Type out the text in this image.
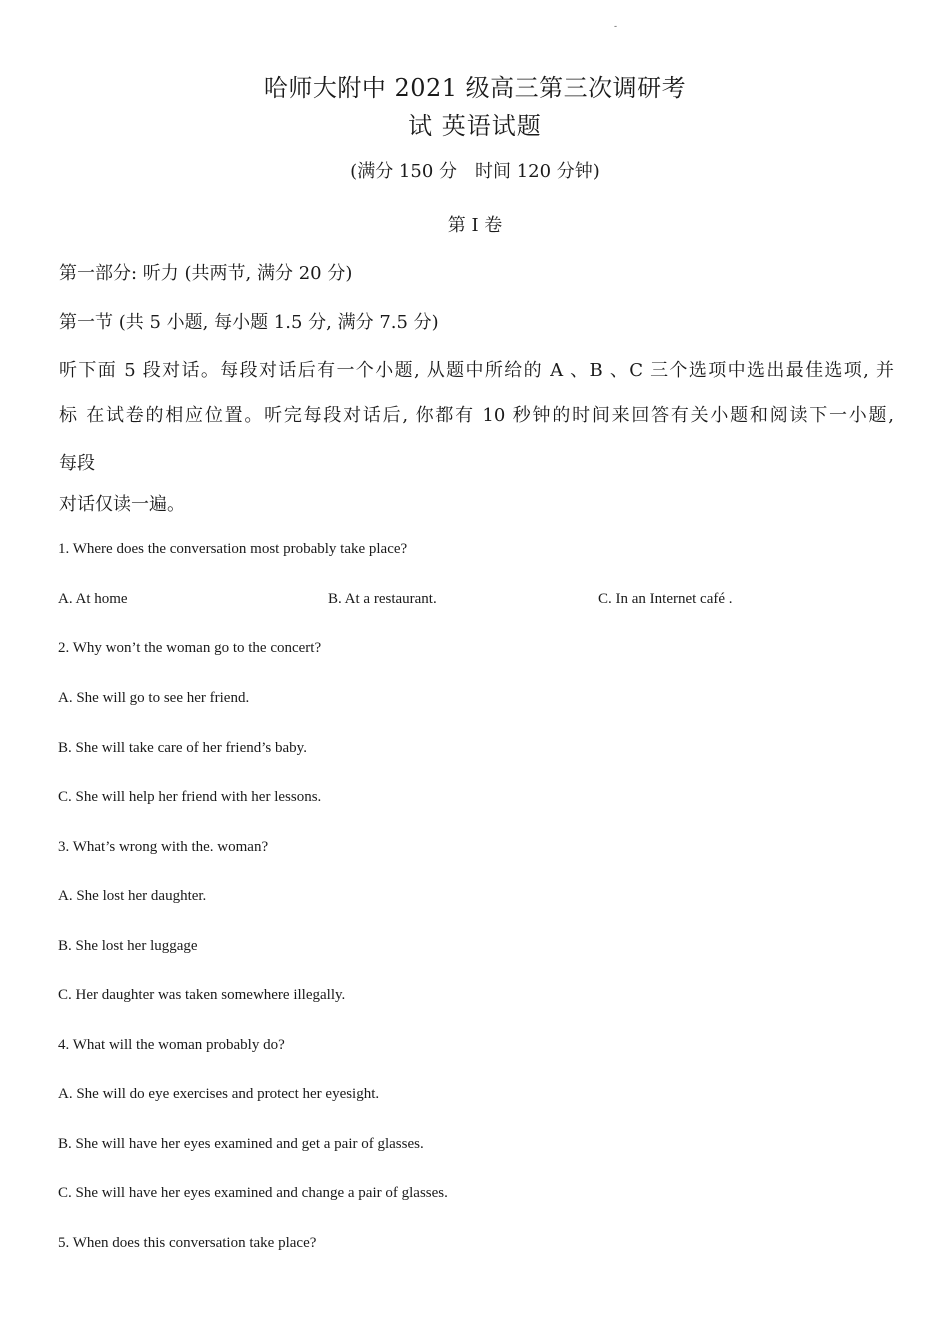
-
哈师大附中 2021 级高三第三次调研考
试 英语试题
(满分 150 分　时间 120 分钟)
第 I 卷
第一部分: 听力 (共两节, 满分 20 分)
第一节 (共 5 小题, 每小题 1.5 分, 满分 7.5 分)
听下面 5 段对话。每段对话后有一个小题, 从题中所给的 A 、B 、C 三个选项中选出最佳选项, 并
标 在试卷的相应位置。听完每段对话后, 你都有 10 秒钟的时间来回答有关小题和阅读下一小题,
每段
对话仅读一遍。
1. Where does the conversation most probably take place?
A. At home	B. At a restaurant.	C. In an Internet café .
2. Why won’t the woman go to the concert?
A. She will go to see her friend.
B. She will take care of her friend’s baby.
C. She will help her friend with her lessons.
3. What’s wrong with the. woman?
A. She lost her daughter.
B. She lost her luggage
C. Her daughter was taken somewhere illegally.
4. What will the woman probably do?
A. She will do eye exercises and protect her eyesight.
B. She will have her eyes examined and get a pair of glasses.
C. She will have her eyes examined and change a pair of glasses.
5. When does this conversation take place?
